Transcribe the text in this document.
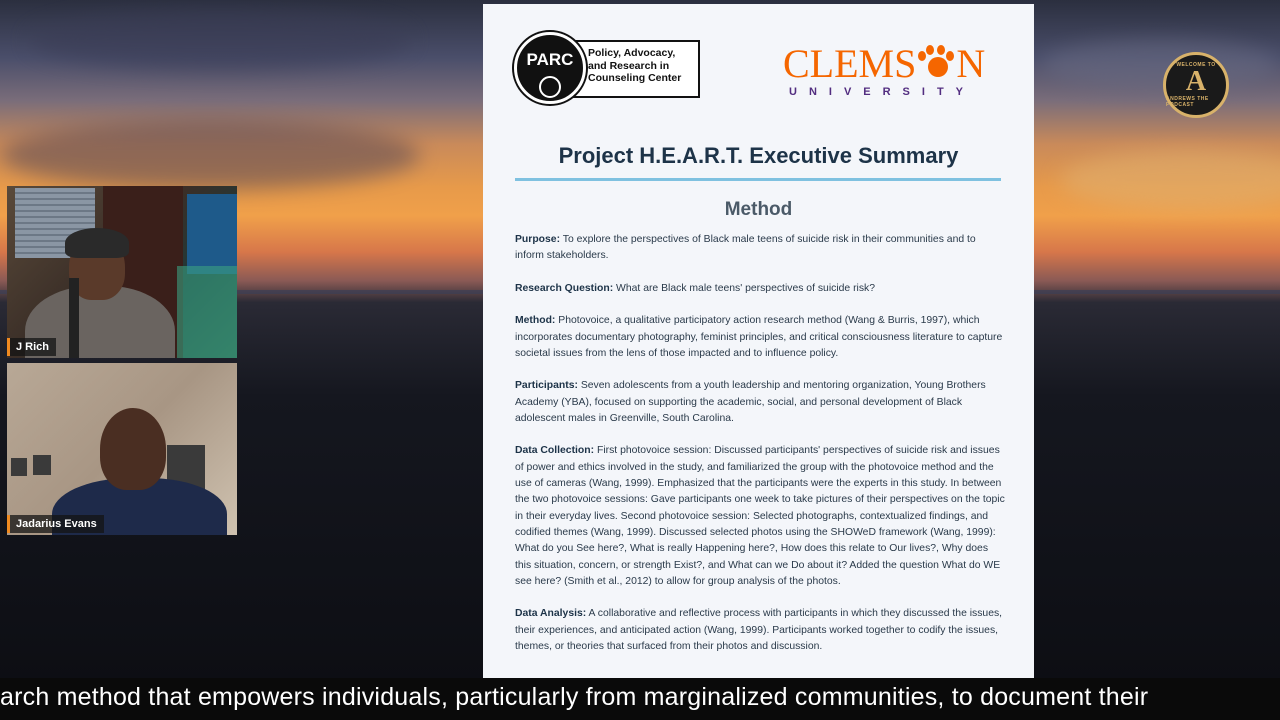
Policy, Advocacy, and Research in Counseling Center
PARC	CLEMS N
UNIVERSITY
Project H.E.A.R.T. Executive Summary
Method

Purpose: To explore the perspectives of Black male teens of suicide risk in their communities and to inform stakeholders.

Research Question: What are Black male teens' perspectives of suicide risk?

Method: Photovoice, a qualitative participatory action research method (Wang & Burris, 1997), which incorporates documentary photography, feminist principles, and critical consciousness literature to capture societal issues from the lens of those impacted and to influence policy.

Participants: Seven adolescents from a youth leadership and mentoring organization, Young Brothers Academy (YBA), focused on supporting the academic, social, and personal development of Black adolescent males in Greenville, South Carolina.

Data Collection: First photovoice session: Discussed participants' perspectives of suicide risk and issues of power and ethics involved in the study, and familiarized the group with the photovoice method and the use of cameras (Wang, 1999). Emphasized that the participants were the experts in this study. In between the two photovoice sessions: Gave participants one week to take pictures of their perspectives on the topic in their everyday lives. Second photovoice session: Selected photographs, contextualized findings, and codified themes (Wang, 1999). Discussed selected photos using the SHOWeD framework (Wang, 1999): What do you See here?, What is really Happening here?, How does this relate to Our lives?, Why does this situation, concern, or strength Exist?, and What can we Do about it? Added the question What do WE see here? (Smith et al., 2012) to allow for group analysis of the photos.

Data Analysis: A collaborative and reflective process with participants in which they discussed the issues, their experiences, and anticipated action (Wang, 1999). Participants worked together to codify the issues, themes, or theories that surfaced from their photos and discussion.

J Rich
Jadarius Evans
WELCOME TO
A
ANDREWS THE PODCAST
arch method that empowers individuals, particularly from marginalized communities, to document their
